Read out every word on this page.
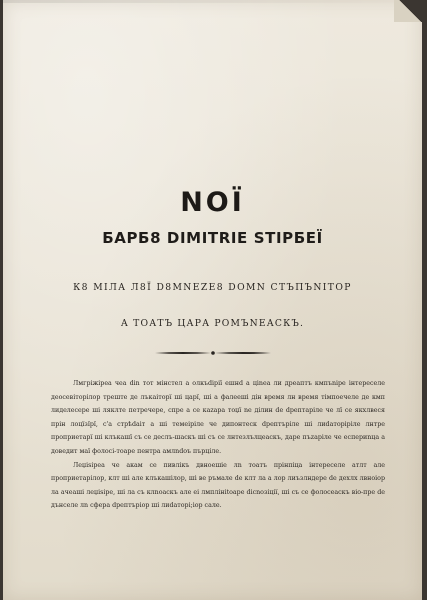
NOÏ
БАРБ8 DIMITRIE STIPБЕЇ
К8 МІЛА Л8Ї D8МNEZE8 DOMN СТЪПЪNІТОР
А ТОАТЪ ЦАРА РОМЪNЕАСКЪ.

Лмгріжіреа чеа din тот мінстел а олкъdipiї ешнd а ціnеа ли дреаптъ кмпъnіре інтереселе деосевіторілор треште де лъкаіторї ші царї, ші а фалееші дін время лн время тімпоечеле де кмп лиделесере ші ляклте петречере, спре а се каzара тоџї ne ділин de dрептаріле че лї се якхлвеся прін лоцїзїрї, с'а стрѣdaіт а ші темеіріле че дипонтеск dрептъріле ші лиdaторіріле лнтре проприетарї ші клъкашї съ се деслъ-шаскъ ші съ се лнтезлълцеаскъ, даре пъzаріле че еспериnца а доведит мaї фолосі-тоаре пентра амлndoъ пърціле.

Леџіsipea че акам се пивлікъ двноешіе лn тоатъ прінпіца інтереселе атлт але проприетарілор, клт ші але клъкашілор, ші ве ръмале de клт ла а лор лиъзлндере de дехлх лвноіор ла ачеаші леџіsipe, ші ла съ клnоаскъ але еі лмплініtoape dіcnoзіцiї, ші съ се фолосеаскъ віо-пpe de дънселе лn сфера dрептъріор ші лиdaторі;іор сале.
